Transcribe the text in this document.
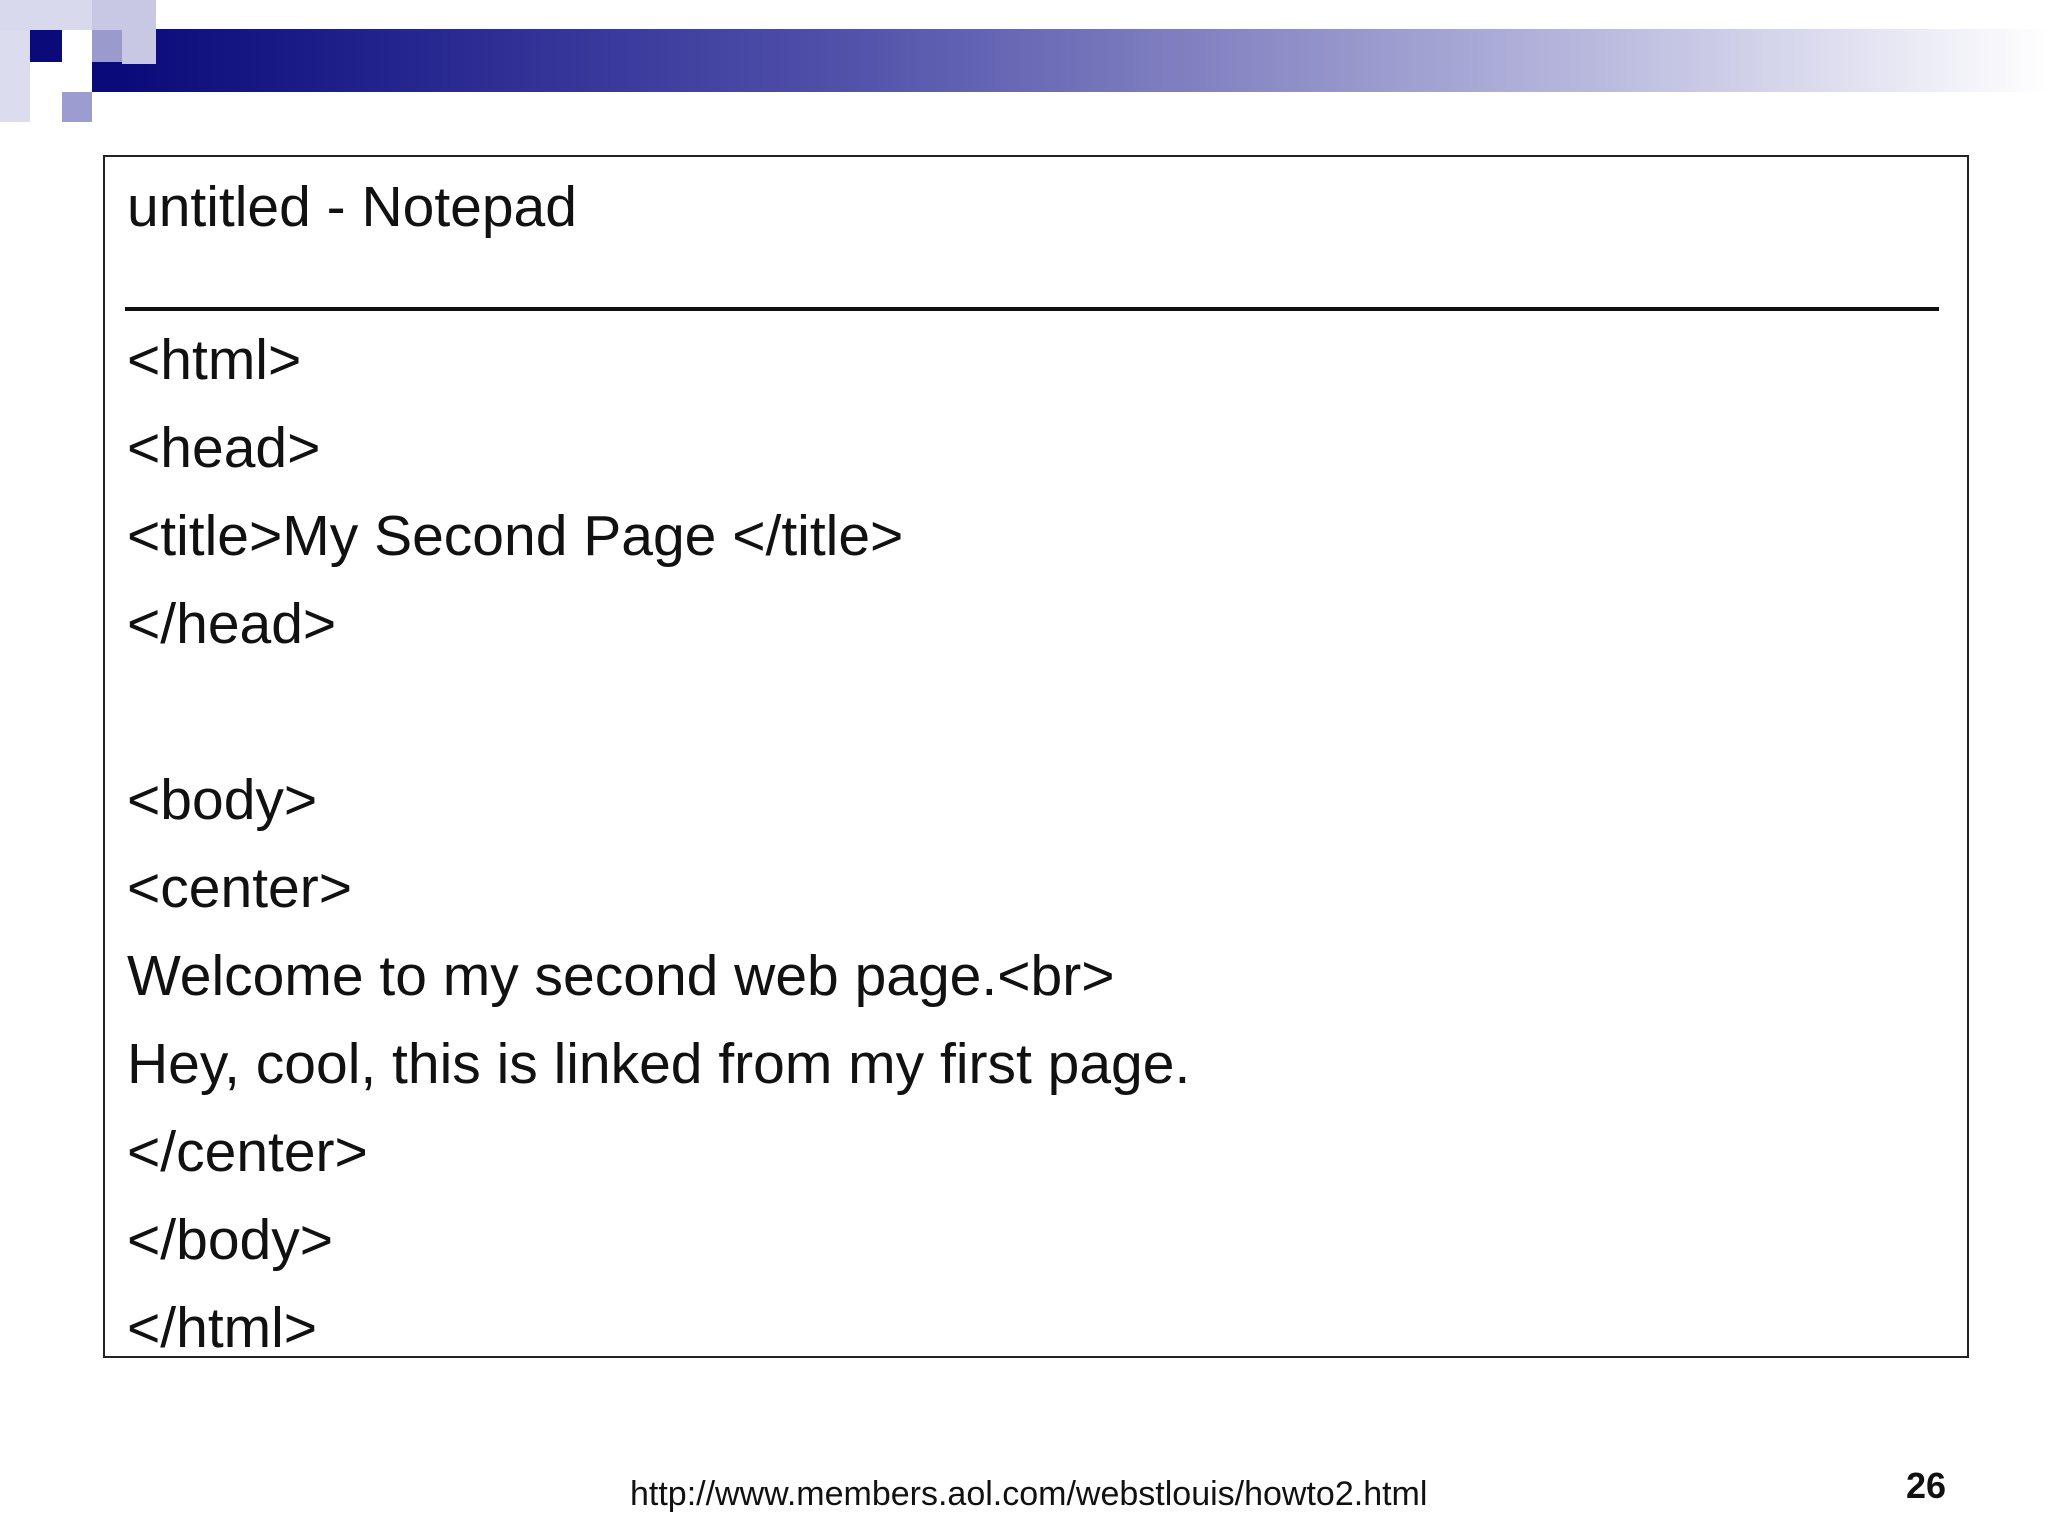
untitled - Notepad
<html>
<head>
<title>My Second Page </title>
</head>
<body>
<center>
Welcome to my second web page.<br>
Hey, cool, this is linked from my first page.
</center>
</body>
</html>
http://www.members.aol.com/webstlouis/howto2.html	26
